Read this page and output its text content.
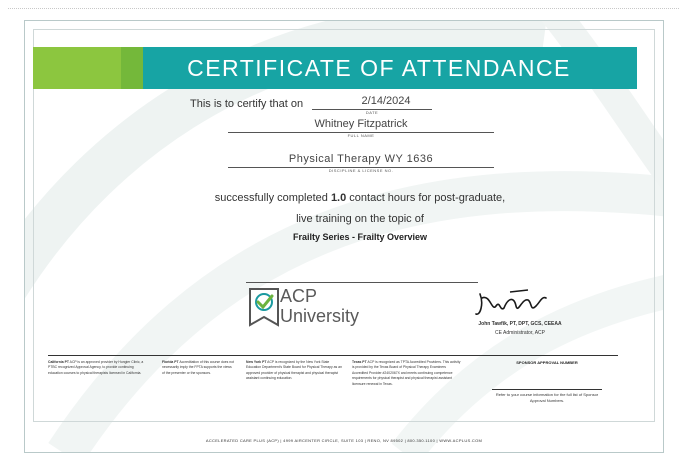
CERTIFICATE OF ATTENDANCE
This is to certify that on	2/14/2024
DATE
Whitney Fitzpatrick
FULL NAME
Physical Therapy WY 1636
DISCIPLINE & LICENSE NO.
successfully completed 1.0 contact hours for post-graduate,
live training on the topic of
Frailty Series - Frailty Overview
ACP
University	John Tawfik, PT, DPT, GCS, CEEAA
CE Administrator, ACP
California PT ACP is an approved provider by Hungier Clinic, a PTBC recognized Approval Agency, to provide continuing education courses to physical therapists licensed in California.
Florida PT Accreditation of this course does not necessarily imply the FPTA supports the views of the presenter or the sponsors.
New York PT ACP is recognized by the New York State Education Department's State Board for Physical Therapy as an approved provider of physical therapist and physical therapist assistant continuing education.
Texas PT ACP is recognized as TPTA Accredited Providers. This activity is provided by the Texas Board of Physical Therapy Examiners Accredited Provider #2402067X and meets continuing competence requirements for physical therapist and physical therapist assistant licensure renewal in Texas.
SPONSOR APPROVAL NUMBER
Refer to your course information for the full list of Sponsor Approval Numbers.
ACCELERATED CARE PLUS (ACP) | 4999 AIRCENTER CIRCLE, SUITE 103 | RENO, NV 89502 | 800.350.1100 | WWW.ACPLUS.COM
